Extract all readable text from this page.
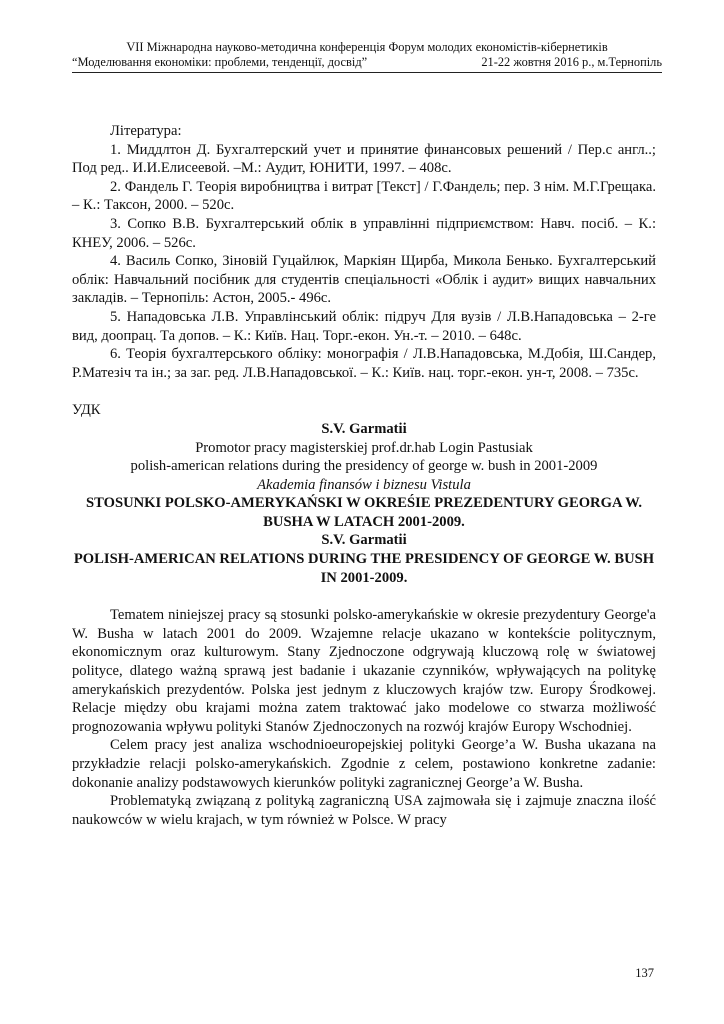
VII Міжнародна науково-методична конференція Форум молодих економістів-кібернетиків
“Моделювання економіки: проблеми, тенденції, досвід”	21-22 жовтня 2016 р., м.Тернопіль

Література:

1. Миддлтон Д. Бухгалтерский учет и принятие финансовых решений / Пер.с англ..; Под ред.. И.И.Елисеевой. –М.: Аудит, ЮНИТИ, 1997. – 408с.

2. Фандель Г. Теорія виробництва і витрат [Текст] / Г.Фандель; пер. З нім. М.Г.Грещака. – К.: Таксон, 2000. – 520с.

3. Сопко В.В. Бухгалтерський облік в управлінні підприємством: Навч. посіб. – К.: КНЕУ, 2006. – 526с.

4. Василь Сопко, Зіновій Гуцайлюк, Маркіян Щирба, Микола Бенько. Бухгалтерський облік: Навчальний посібник для студентів спеціальності «Облік і аудит» вищих навчальних закладів. – Тернопіль: Астон, 2005.- 496с.

5. Нападовська Л.В. Управлінський облік: підруч Для вузів / Л.В.Нападовська – 2-ге вид, доопрац. Та допов. – К.: Київ. Нац. Торг.-екон. Ун.-т. – 2010. – 648с.

6. Теорія бухгалтерського обліку: монографія / Л.В.Нападовська, М.Добія, Ш.Сандер, Р.Матезіч та ін.; за заг. ред. Л.В.Нападовської. – К.: Київ. нац. торг.-екон. ун-т, 2008. – 735с.

УДК

S.V. Garmatii

Promotor pracy magisterskiej prof.dr.hab Login Pastusiak

polish-american relations during the presidency of george w. bush in 2001-2009

Akademia finansów i biznesu Vistula

STOSUNKI POLSKO-AMERYKAŃSKI W OKREŚIE PREZEDENTURY GEORGA W. BUSHA W LATACH 2001-2009.

S.V. Garmatii

POLISH-AMERICAN RELATIONS DURING THE PRESIDENCY OF GEORGE W. BUSH IN 2001-2009.

Tematem niniejszej pracy są stosunki polsko-amerykańskie w okresie prezydentury George'a W. Busha w latach 2001 do 2009. Wzajemne relacje ukazano w kontekście politycznym, ekonomicznym oraz kulturowym. Stany Zjednoczone odgrywają kluczową rolę w światowej polityce, dlatego ważną sprawą jest badanie i ukazanie czynników, wpływających na politykę amerykańskich prezydentów. Polska jest jednym z kluczowych krajów tzw. Europy Środkowej. Relacje między obu krajami można zatem traktować jako modelowe co stwarza możliwość prognozowania wpływu polityki Stanów Zjednoczonych na rozwój krajów Europy Wschodniej.

Celem pracy jest analiza wschodnioeuropejskiej polityki George’a W. Busha ukazana na przykładzie relacji polsko-amerykańskich. Zgodnie z celem, postawiono konkretne zadanie: dokonanie analizy podstawowych kierunków polityki zagranicznej George’a W. Busha.

Problematyką związaną z polityką zagraniczną USA zajmowała się i zajmuje znaczna ilość naukowców w wielu krajach, w tym również w Polsce. W pracy

137
